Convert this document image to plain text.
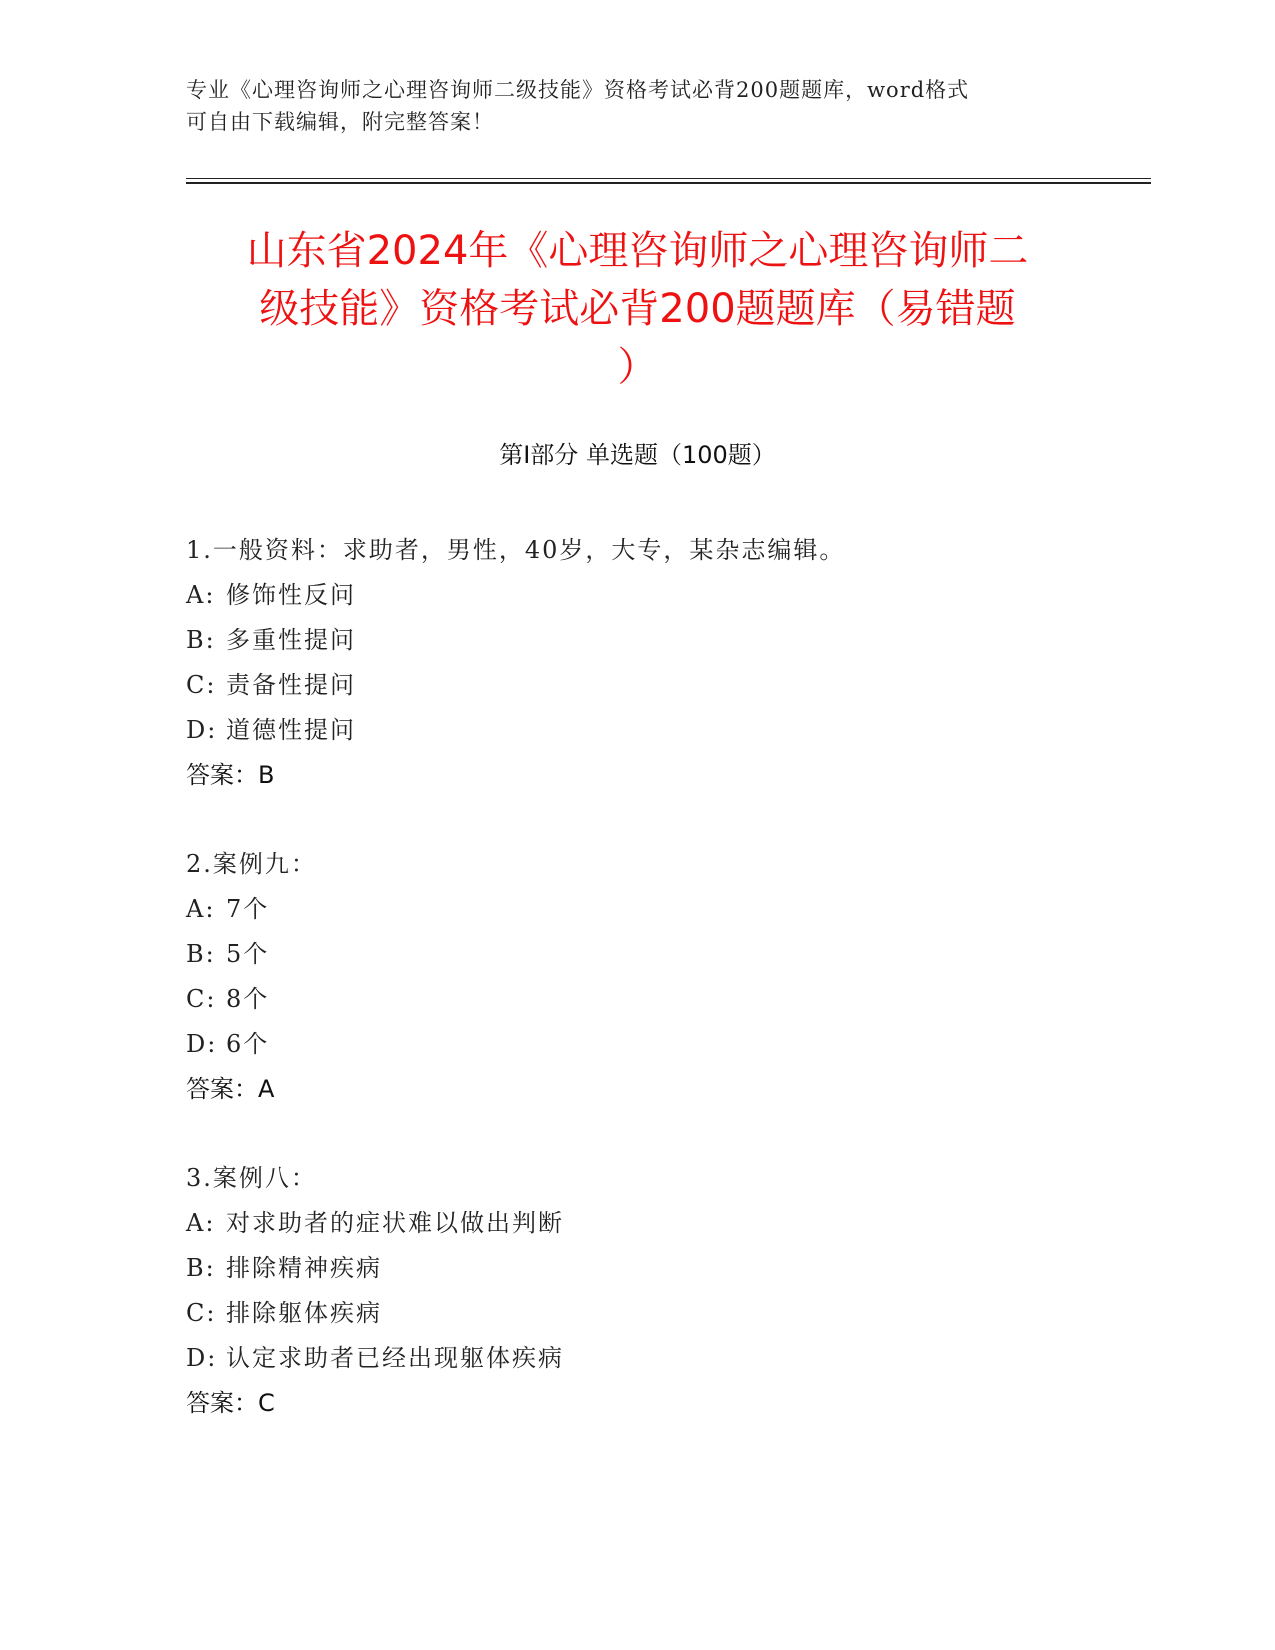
专业《心理咨询师之心理咨询师二级技能》资格考试必背200题题库，word格式
可自由下载编辑，附完整答案！
山东省2024年《心理咨询师之心理咨询师二
级技能》资格考试必背200题题库（易错题
）
第Ⅰ部分 单选题（100题）
1.一般资料：求助者，男性，40岁，大专，某杂志编辑。
A: 修饰性反问
B: 多重性提问
C: 责备性提问
D: 道德性提问
答案：B
2.案例九：
A: 7个
B: 5个
C: 8个
D: 6个
答案：A
3.案例八：
A: 对求助者的症状难以做出判断
B: 排除精神疾病
C: 排除躯体疾病
D: 认定求助者已经出现躯体疾病
答案：C
